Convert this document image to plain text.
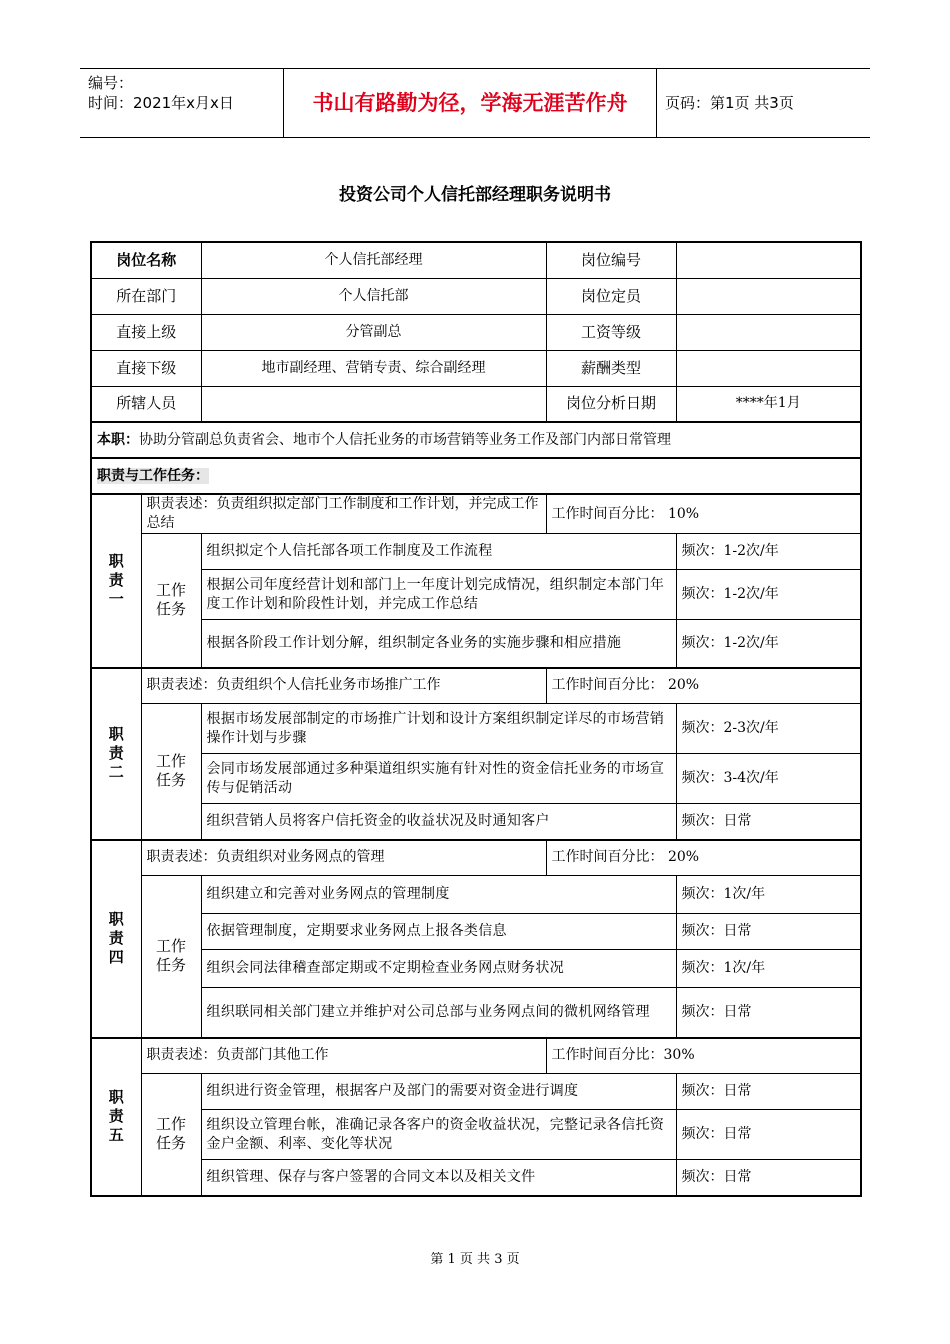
编号：
时间：2021年x月x日	书山有路勤为径，学海无涯苦作舟	页码：第1页 共3页
投资公司个人信托部经理职务说明书
岗位名称		个人信托部经理	岗位编号	
所在部门		个人信托部	岗位定员	
直接上级		分管副总	工资等级	
直接下级		地市副经理、营销专责、综合副经理	薪酬类型	
所辖人员			岗位分析日期	****年1月
本职：协助分管副总负责省会、地市个人信托业务的市场营销等业务工作及部门内部日常管理				
职责与工作任务：				

职
责
一	职责表述：负责组织拟定部门工作制度和工作计划，并完成工作总结		工作时间百分比： 10%	

	工作
任务	组织拟定个人信托部各项工作制度及工作流程		频次：1-2次/年
		根据公司年度经营计划和部门上一年度计划完成情况，组织制定本部门年度工作计划和阶段性计划，并完成工作总结		频次：1-2次/年
		根据各阶段工作计划分解，组织制定各业务的实施步骤和相应措施		频次：1-2次/年

职
责
二	职责表述：负责组织个人信托业务市场推广工作		工作时间百分比： 20%	

	工作
任务	根据市场发展部制定的市场推广计划和设计方案组织制定详尽的市场营销操作计划与步骤		频次：2-3次/年
		会同市场发展部通过多种渠道组织实施有针对性的资金信托业务的市场宣传与促销活动		频次：3-4次/年
		组织营销人员将客户信托资金的收益状况及时通知客户		频次：日常

职
责
四	职责表述：负责组织对业务网点的管理		工作时间百分比： 20%	

	工作
任务	组织建立和完善对业务网点的管理制度		频次：1次/年
		依据管理制度，定期要求业务网点上报各类信息		频次：日常
		组织会同法律稽查部定期或不定期检查业务网点财务状况		频次：1次/年
		组织联同相关部门建立并维护对公司总部与业务网点间的微机网络管理		频次：日常

职
责
五	职责表述：负责部门其他工作		工作时间百分比：30%	

	工作
任务	组织进行资金管理，根据客户及部门的需要对资金进行调度		频次：日常
		组织设立管理台帐，准确记录各客户的资金收益状况，完整记录各信托资金户金额、利率、变化等状况		频次：日常
		组织管理、保存与客户签署的合同文本以及相关文件		频次：日常
第 1 页 共 3 页
